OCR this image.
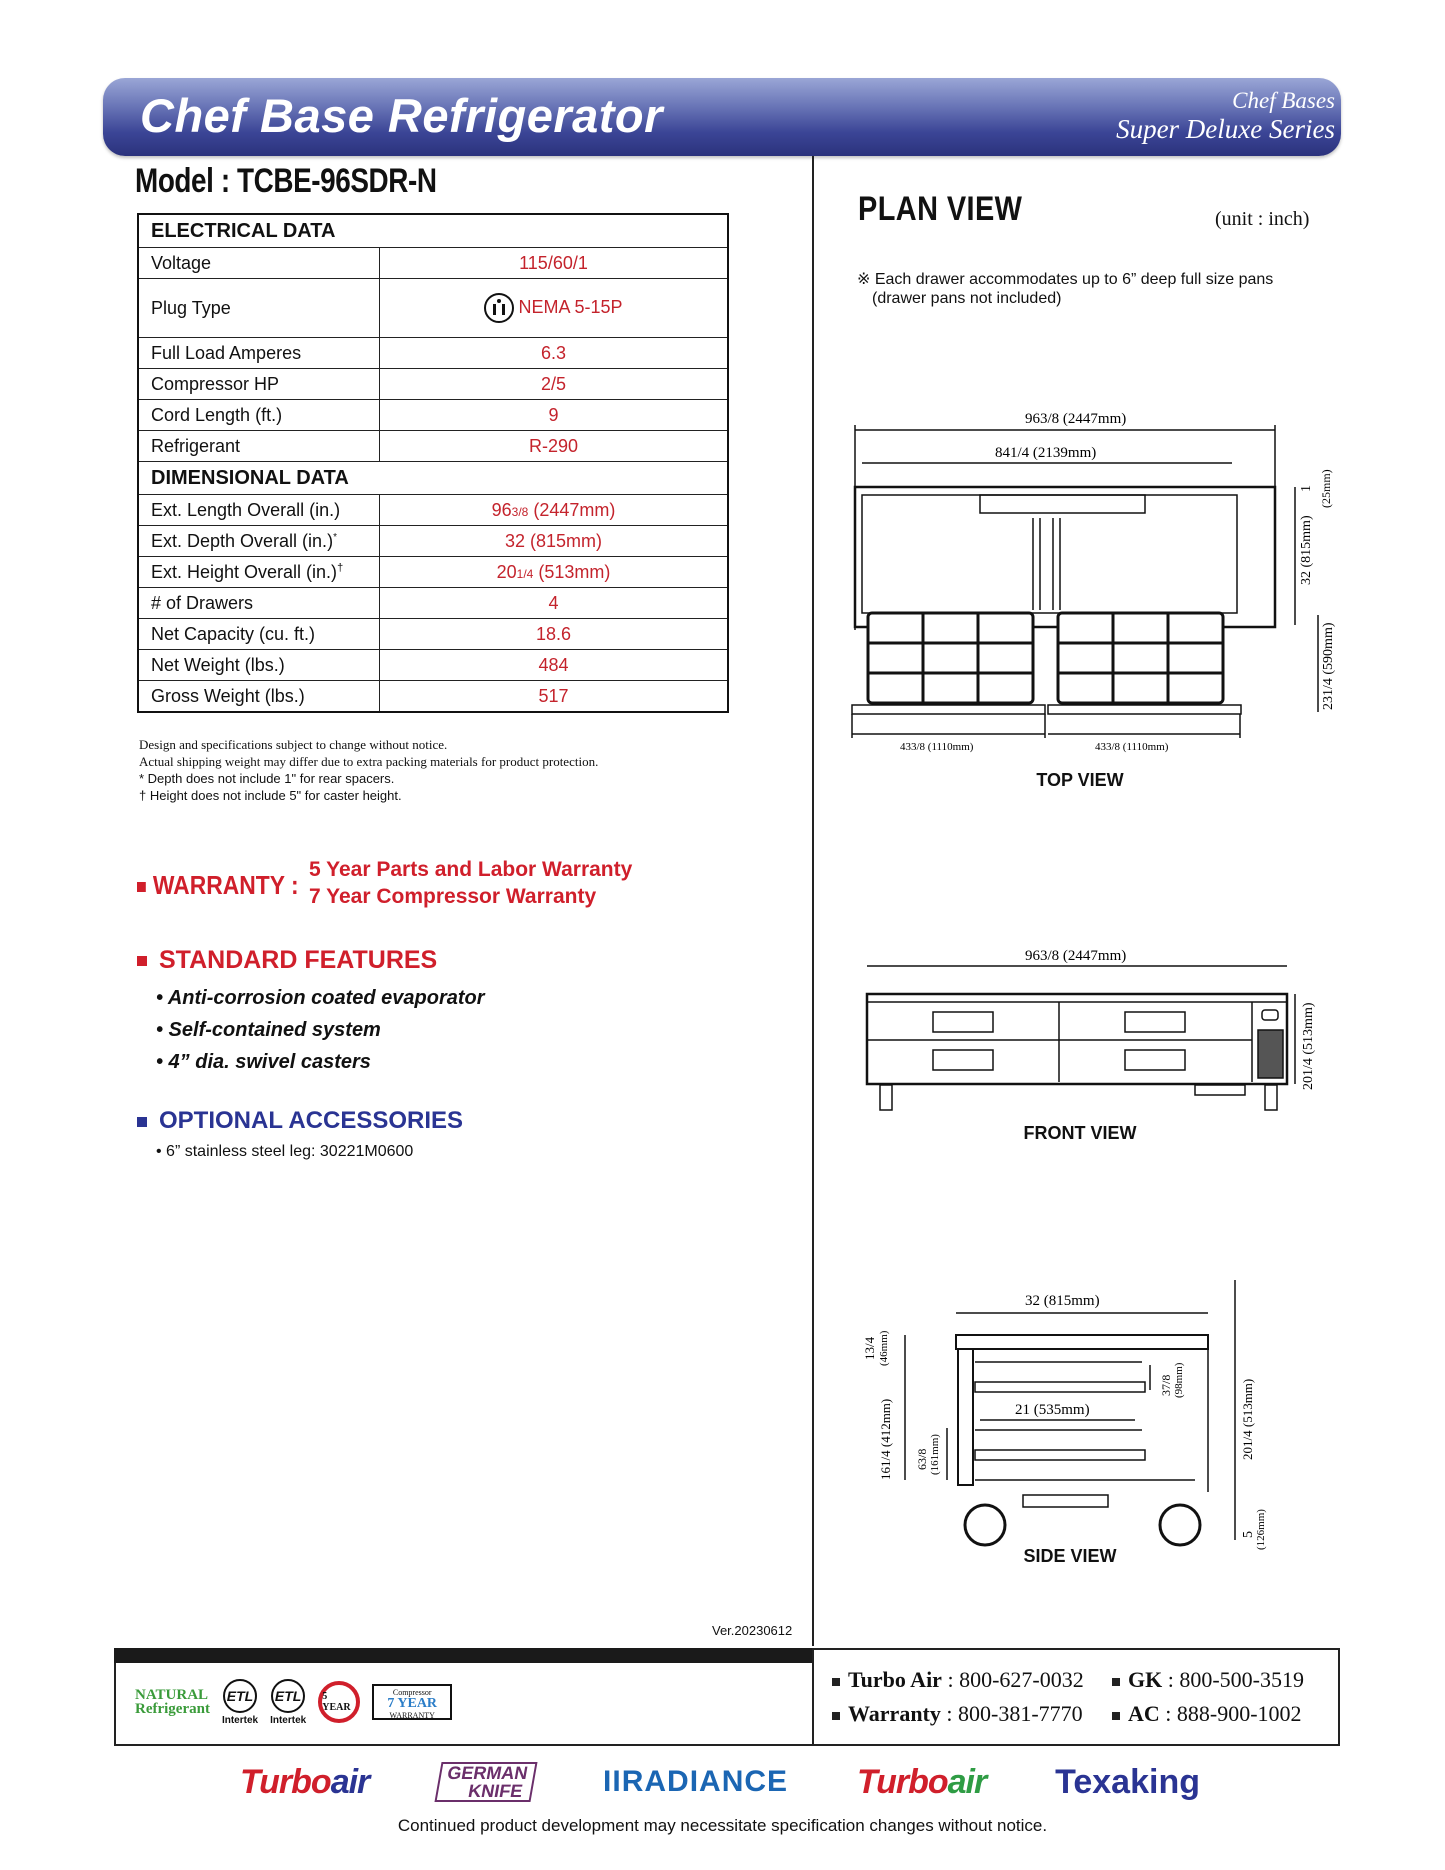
Chef Base Refrigerator	Chef Bases
Super Deluxe Series
Model : TCBE-96SDR-N
ELECTRICAL DATA	
Voltage	115/60/1
Plug Type	NEMA 5-15P
Full Load Amperes	6.3
Compressor HP	2/5
Cord Length (ft.)	9
Refrigerant	R-290
DIMENSIONAL DATA	
Ext. Length Overall (in.)	963/8 (2447mm)
Ext. Depth Overall (in.)*	32 (815mm)
Ext. Height Overall (in.)†	201/4 (513mm)
# of Drawers	4
Net Capacity (cu. ft.)	18.6
Net Weight (lbs.)	484
Gross Weight (lbs.)	517
Design and specifications subject to change without notice.
Actual shipping weight may differ due to extra packing materials for product protection.
* Depth does not include 1" for rear spacers.
† Height does not include 5" for caster height.
WARRANTY :
5 Year Parts and Labor Warranty
7 Year Compressor Warranty
STANDARD FEATURES
• Anti-corrosion coated evaporator
• Self-contained system
• 4” dia. swivel casters
OPTIONAL ACCESSORIES
• 6” stainless steel leg: 30221M0600
PLAN VIEW	(unit : inch)
※ Each drawer accommodates up to 6” deep full size pans
(drawer pans not included)
963/8 (2447mm)
841/4 (2139mm)
433/8 (1110mm)	433/8 (1110mm)
32 (815mm)
1 (25mm)
231/4 (590mm)
TOP VIEW
963/8 (2447mm)
201/4 (513mm)
FRONT VIEW
32 (815mm)
21 (535mm)
13/4 (46mm)
161/4 (412mm) 63/8 (161mm)
37/8 (98mm)	201/4 (513mm)
5 (126mm)
SIDE VIEW
Ver.20230612
NATURAL
Refrigerant
ETL
Intertek
ETL
Intertek
5 YEAR
Compressor
7 YEAR
WARRANTY
Turbo Air : 800-627-0032	GK : 800-500-3519
Warranty : 800-381-7770	AC : 888-900-1002
Turboair	GERMAN
KNIFE	IIRADIANCE Turboair Texaking
Continued product development may necessitate specification changes without notice.
